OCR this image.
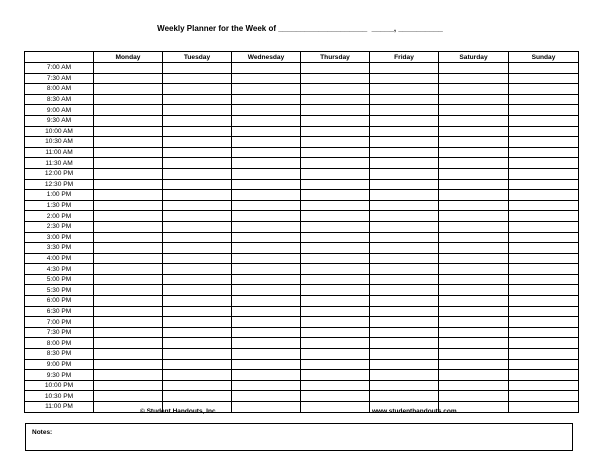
Weekly Planner for the Week of ____________________  _____, __________
	Monday	Tuesday	Wednesday	Thursday	Friday	Saturday	Sunday
7:00 AM							
7:30 AM							
8:00 AM							
8:30 AM							
9:00 AM							
9:30 AM							
10:00 AM							
10:30 AM							
11:00 AM							
11:30 AM							
12:00 PM							
12:30 PM							
1:00 PM							
1:30 PM							
2:00 PM							
2:30 PM							
3:00 PM							
3:30 PM							
4:00 PM							
4:30 PM							
5:00 PM							
5:30 PM							
6:00 PM							
6:30 PM							
7:00 PM							
7:30 PM							
8:00 PM							
8:30 PM							
9:00 PM							
9:30 PM							
10:00 PM							
10:30 PM							
11:00 PM							
© Student Handouts, Inc.	www.studenthandouts.com
Notes:
